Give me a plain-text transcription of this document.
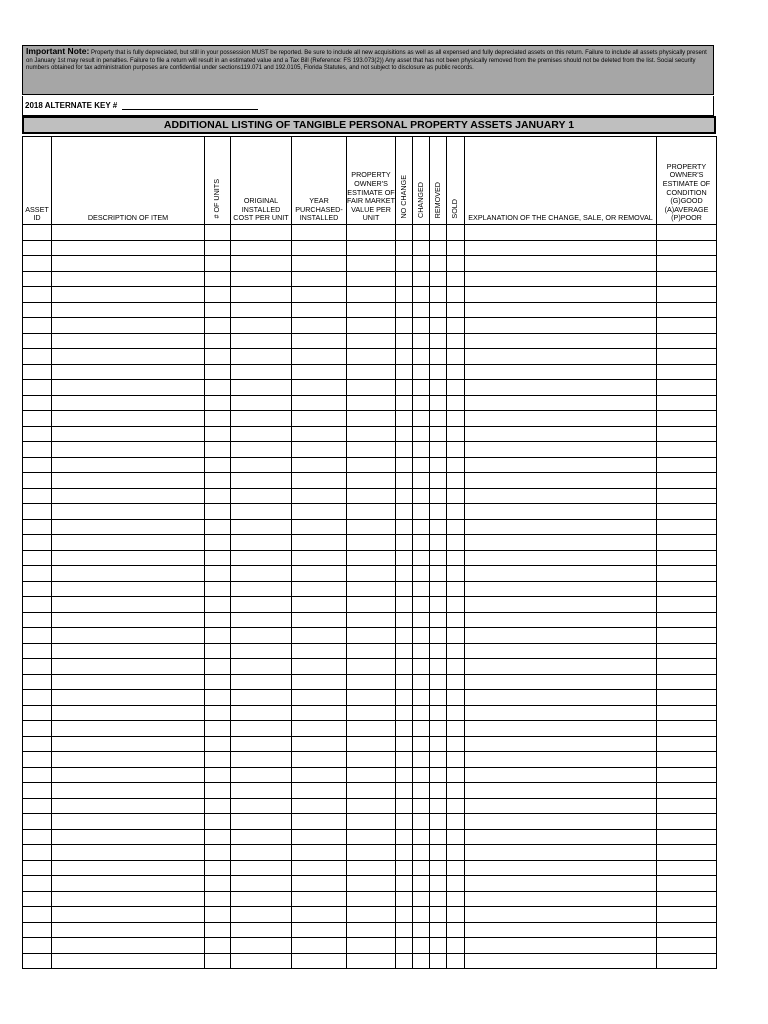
Important Note: Property that is fully depreciated, but still in your possession MUST be reported. Be sure to include all new acquisitions as well as all expensed and fully depreciated assets on this return. Failure to include all assets physically present on January 1st may result in penalties. Failure to file a return will result in an estimated value and a Tax Bill (Reference: FS 193.073(2)) Any asset that has not been physically removed from the premises should not be deleted from the list. Social security numbers obtained for tax administration purposes are confidential under sections119.071 and 192.0105, Florida Statutes, and not subject to disclosure as public records.
2018 ALTERNATE KEY #
ADDITIONAL LISTING OF TANGIBLE PERSONAL PROPERTY ASSETS JANUARY 1
ASSET ID	DESCRIPTION OF ITEM	# OF UNITS	ORIGINAL INSTALLED COST PER UNIT	YEAR PURCHASED-INSTALLED	PROPERTY OWNER'S ESTIMATE OF FAIR MARKET VALUE PER UNIT	NO CHANGE	CHANGED	REMOVED	SOLD	EXPLANATION OF THE CHANGE, SALE, OR REMOVAL	PROPERTY OWNER'S ESTIMATE OF CONDITION (G)GOOD (A)AVERAGE (P)POOR
